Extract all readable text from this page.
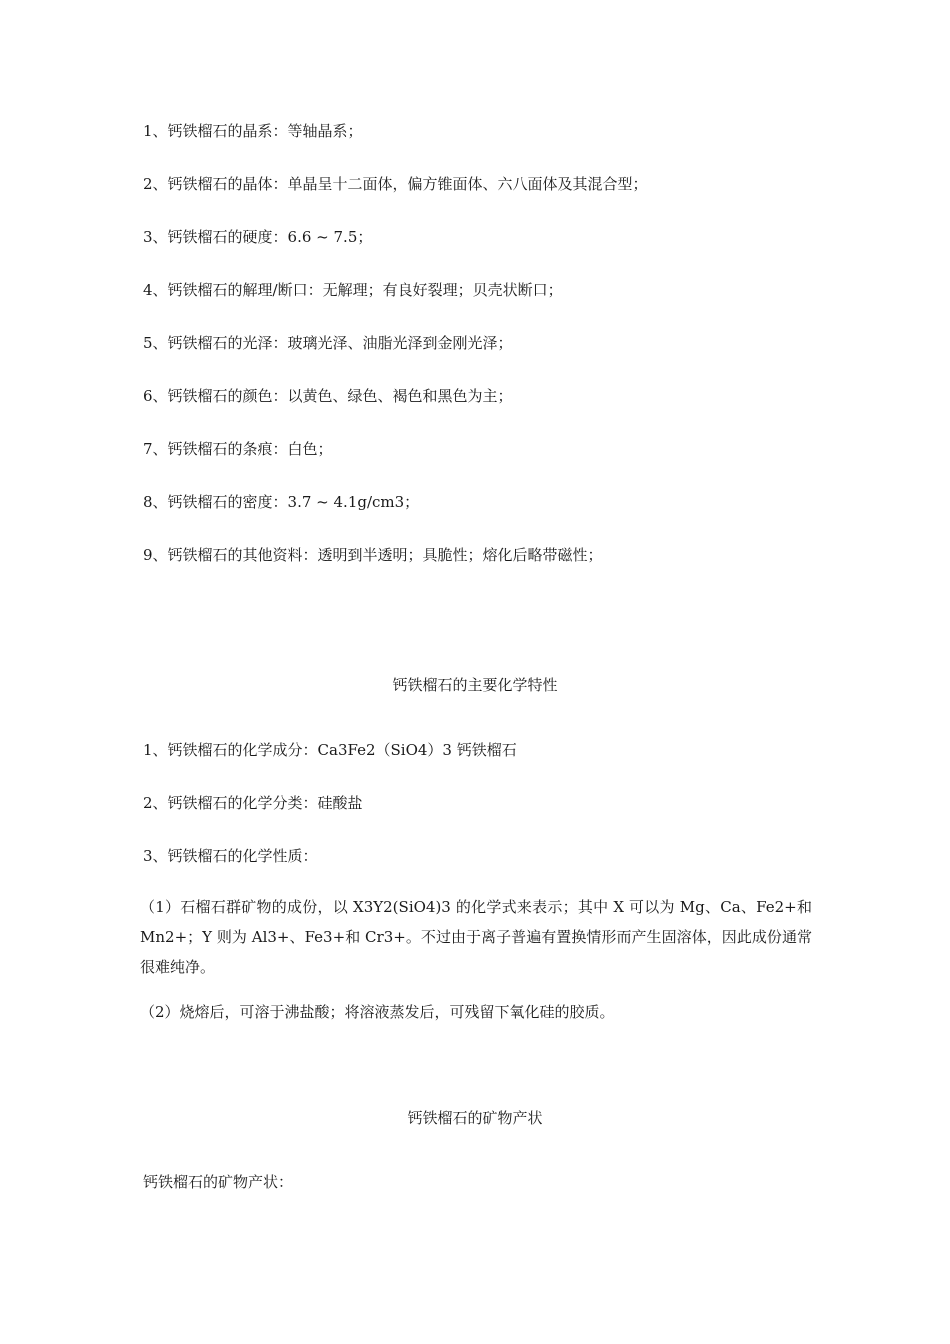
1、钙铁榴石的晶系：等轴晶系；
2、钙铁榴石的晶体：单晶呈十二面体，偏方锥面体、六八面体及其混合型；
3、钙铁榴石的硬度：6.6 ~ 7.5；
4、钙铁榴石的解理/断口：无解理；有良好裂理；贝壳状断口；
5、钙铁榴石的光泽：玻璃光泽、油脂光泽到金刚光泽；
6、钙铁榴石的颜色：以黄色、绿色、褐色和黑色为主；
7、钙铁榴石的条痕：白色；
8、钙铁榴石的密度：3.7 ~ 4.1g/cm3；
9、钙铁榴石的其他资料：透明到半透明；具脆性；熔化后略带磁性；
钙铁榴石的主要化学特性
1、钙铁榴石的化学成分：Ca3Fe2（SiO4）3 钙铁榴石
2、钙铁榴石的化学分类：硅酸盐
3、钙铁榴石的化学性质：
（1）石榴石群矿物的成份，以 X3Y2(SiO4)3 的化学式来表示；其中 X 可以为 Mg、Ca、Fe2+和 Mn2+；Y 则为 Al3+、Fe3+和 Cr3+。不过由于离子普遍有置换情形而产生固溶体，因此成份通常很难纯净。
（2）烧熔后，可溶于沸盐酸；将溶液蒸发后，可残留下氧化硅的胶质。
钙铁榴石的矿物产状
钙铁榴石的矿物产状：
